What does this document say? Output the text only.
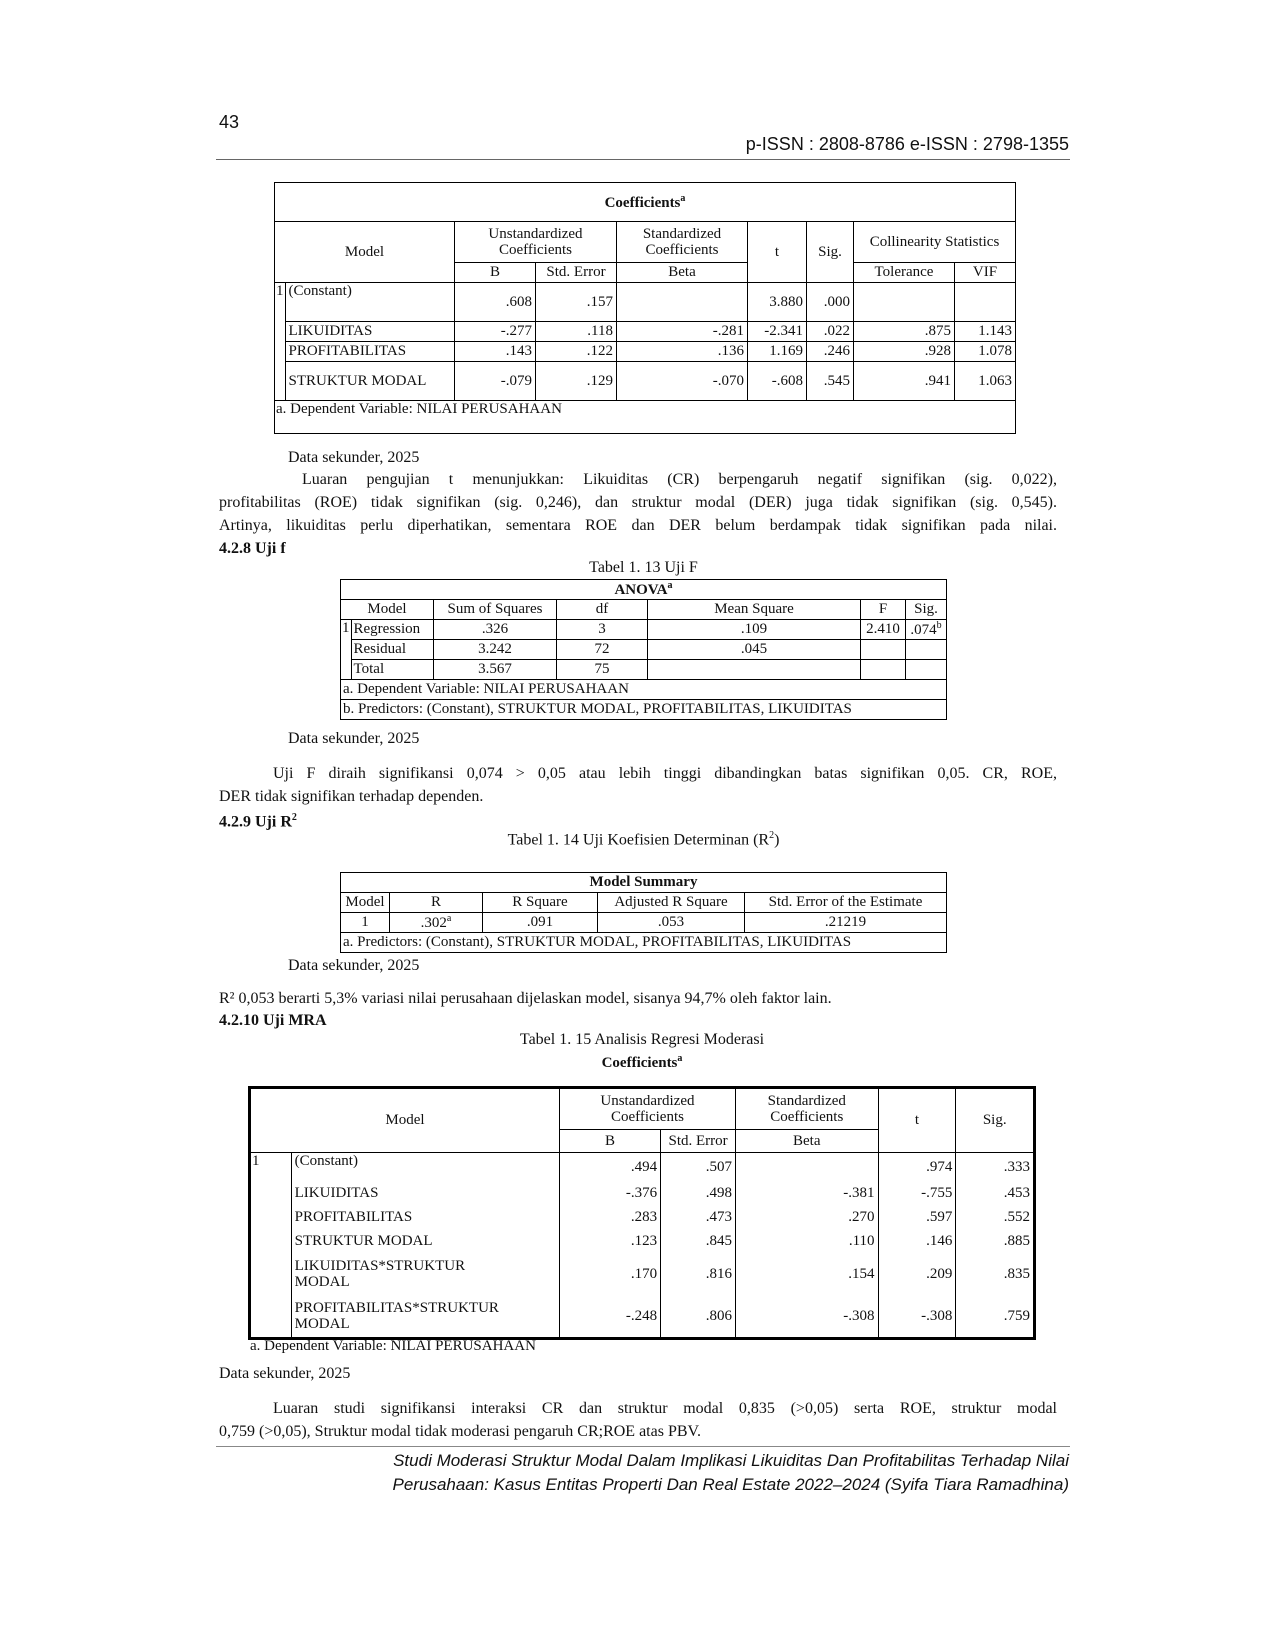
43
p-ISSN : 2808-8786 e-ISSN : 2798-1355
Coefficients$^a$
Model		Unstandardized Coefficients		Standardized Coefficients	t	Sig.	Collinearity Statistics	
		B	Std. Error	Beta			Tolerance	VIF
1	(Constant)	.608	.157		3.880	.000		
	LIKUIDITAS	-.277	.118	-.281	-2.341	.022	.875	1.143
	PROFITABILITAS	.143	.122	.136	1.169	.246	.928	1.078
	STRUKTUR MODAL	-.079	.129	-.070	-.608	.545	.941	1.063
a. Dependent Variable: NILAI PERUSAHAAN								
Data sekunder, 2025
Luaran pengujian t menunjukkan: Likuiditas (CR) berpengaruh negatif signifikan (sig. 0,022),
profitabilitas (ROE) tidak signifikan (sig. 0,246), dan struktur modal (DER) juga tidak signifikan (sig. 0,545).
Artinya, likuiditas perlu diperhatikan, sementara ROE dan DER belum berdampak tidak signifikan pada nilai.
4.2.8 Uji f
Tabel 1. 13 Uji F
ANOVA$^a$
Model		Sum of Squares	df	Mean Square	F	Sig.
1	Regression	.326	3	.109	2.410	.074$^b$
	Residual	3.242	72	.045		
	Total	3.567	75			
a. Dependent Variable: NILAI PERUSAHAAN						
b. Predictors: (Constant), STRUKTUR MODAL, PROFITABILITAS, LIKUIDITAS						
Data sekunder, 2025
Uji F diraih signifikansi 0,074 > 0,05 atau lebih tinggi dibandingkan batas signifikan 0,05. CR, ROE,
DER tidak signifikan terhadap dependen.
4.2.9 Uji $R^2$
Tabel 1. 14 Uji Koefisien Determinan $(R^2)$
Model Summary				
Model	R	R Square	Adjusted R Square	Std. Error of the Estimate
1	.302$^a$	.091	.053	.21219
a. Predictors: (Constant), STRUKTUR MODAL, PROFITABILITAS, LIKUIDITAS				
Data sekunder, 2025
R² 0,053 berarti 5,3% variasi nilai perusahaan dijelaskan model, sisanya 94,7% oleh faktor lain.
4.2.10 Uji MRA
Tabel 1. 15 Analisis Regresi Moderasi
Coefficients$^a$
Model		Unstandardized Coefficients		Standardized Coefficients	t	Sig.
		B	Std. Error	Beta		
1	(Constant)	.494	.507		.974	.333
	LIKUIDITAS	-.376	.498	-.381	-.755	.453
	PROFITABILITAS	.283	.473	.270	.597	.552
	STRUKTUR MODAL	.123	.845	.110	.146	.885
	LIKUIDITAS*STRUKTUR MODAL	.170	.816	.154	.209	.835
	PROFITABILITAS*STRUKTUR MODAL	-.248	.806	-.308	-.308	.759
a. Dependent Variable: NILAI PERUSAHAAN
Data sekunder, 2025
Luaran studi signifikansi interaksi CR dan struktur modal 0,835 (>0,05) serta ROE, struktur modal
0,759 (>0,05), Struktur modal tidak moderasi pengaruh CR;ROE atas PBV.
Studi Moderasi Struktur Modal Dalam Implikasi Likuiditas Dan Profitabilitas Terhadap Nilai
Perusahaan: Kasus Entitas Properti Dan Real Estate 2022–2024 (Syifa Tiara Ramadhina)
